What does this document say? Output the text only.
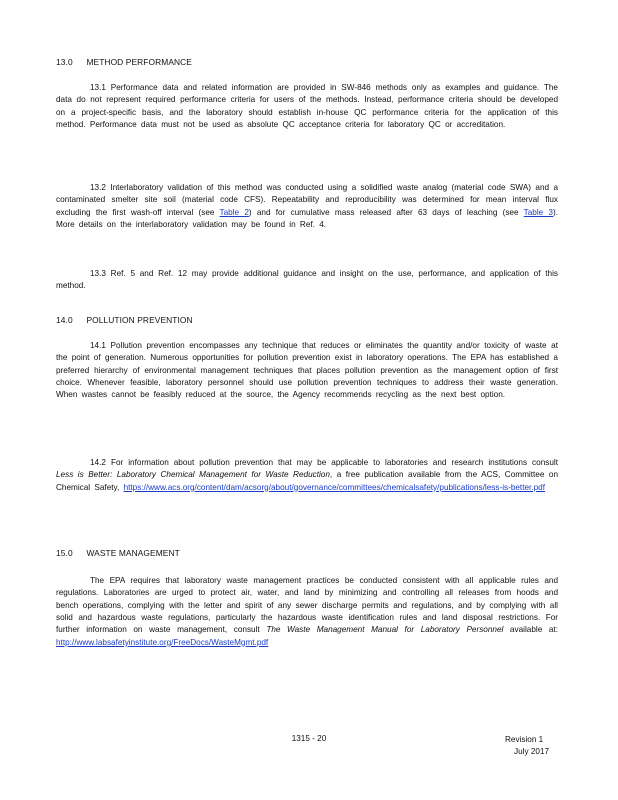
13.0 METHOD PERFORMANCE
13.1 Performance data and related information are provided in SW-846 methods only as examples and guidance. The data do not represent required performance criteria for users of the methods. Instead, performance criteria should be developed on a project-specific basis, and the laboratory should establish in-house QC performance criteria for the application of this method. Performance data must not be used as absolute QC acceptance criteria for laboratory QC or accreditation.
13.2 Interlaboratory validation of this method was conducted using a solidified waste analog (material code SWA) and a contaminated smelter site soil (material code CFS). Repeatability and reproducibility was determined for mean interval flux excluding the first wash-off interval (see Table 2) and for cumulative mass released after 63 days of leaching (see Table 3). More details on the interlaboratory validation may be found in Ref. 4.
13.3 Ref. 5 and Ref. 12 may provide additional guidance and insight on the use, performance, and application of this method.
14.0 POLLUTION PREVENTION
14.1 Pollution prevention encompasses any technique that reduces or eliminates the quantity and/or toxicity of waste at the point of generation. Numerous opportunities for pollution prevention exist in laboratory operations. The EPA has established a preferred hierarchy of environmental management techniques that places pollution prevention as the management option of first choice. Whenever feasible, laboratory personnel should use pollution prevention techniques to address their waste generation. When wastes cannot be feasibly reduced at the source, the Agency recommends recycling as the next best option.
14.2 For information about pollution prevention that may be applicable to laboratories and research institutions consult Less is Better: Laboratory Chemical Management for Waste Reduction, a free publication available from the ACS, Committee on Chemical Safety, https://www.acs.org/content/dam/acsorg/about/governance/committees/chemicalsafety/publications/less-is-better.pdf
15.0 WASTE MANAGEMENT
The EPA requires that laboratory waste management practices be conducted consistent with all applicable rules and regulations. Laboratories are urged to protect air, water, and land by minimizing and controlling all releases from hoods and bench operations, complying with the letter and spirit of any sewer discharge permits and regulations, and by complying with all solid and hazardous waste regulations, particularly the hazardous waste identification rules and land disposal restrictions. For further information on waste management, consult The Waste Management Manual for Laboratory Personnel available at: http://www.labsafetyinstitute.org/FreeDocs/WasteMgmt.pdf
1315 - 20	Revision 1
July 2017
